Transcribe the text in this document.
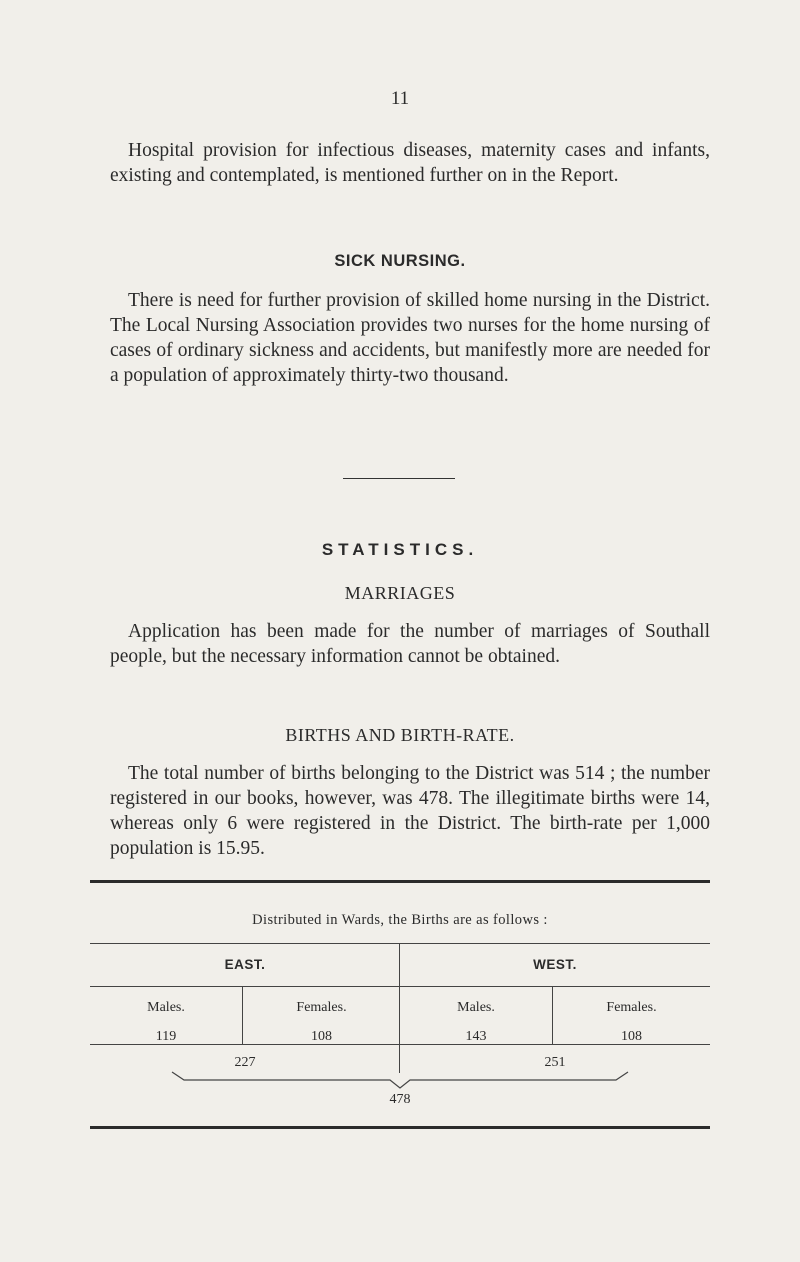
11

Hospital provision for infectious diseases, maternity cases and infants, existing and contemplated, is mentioned further on in the Report.

SICK NURSING.

There is need for further provision of skilled home nursing in the District. The Local Nursing Association provides two nurses for the home nursing of cases of ordinary sickness and accidents, but manifestly more are needed for a population of approximately thirty-two thousand.

STATISTICS.
MARRIAGES

Application has been made for the number of marriages of Southall people, but the necessary information cannot be obtained.

BIRTHS AND BIRTH-RATE.

The total number of births belonging to the District was 514 ; the number registered in our books, however, was 478. The illegitimate births were 14, whereas only 6 were registered in the District. The birth-rate per 1,000 population is 15.95.

Distributed in Wards, the Births are as follows :
EAST.	WEST.
Males.	Females.	Males.	Females.
119	108	143	108
227	251
478
